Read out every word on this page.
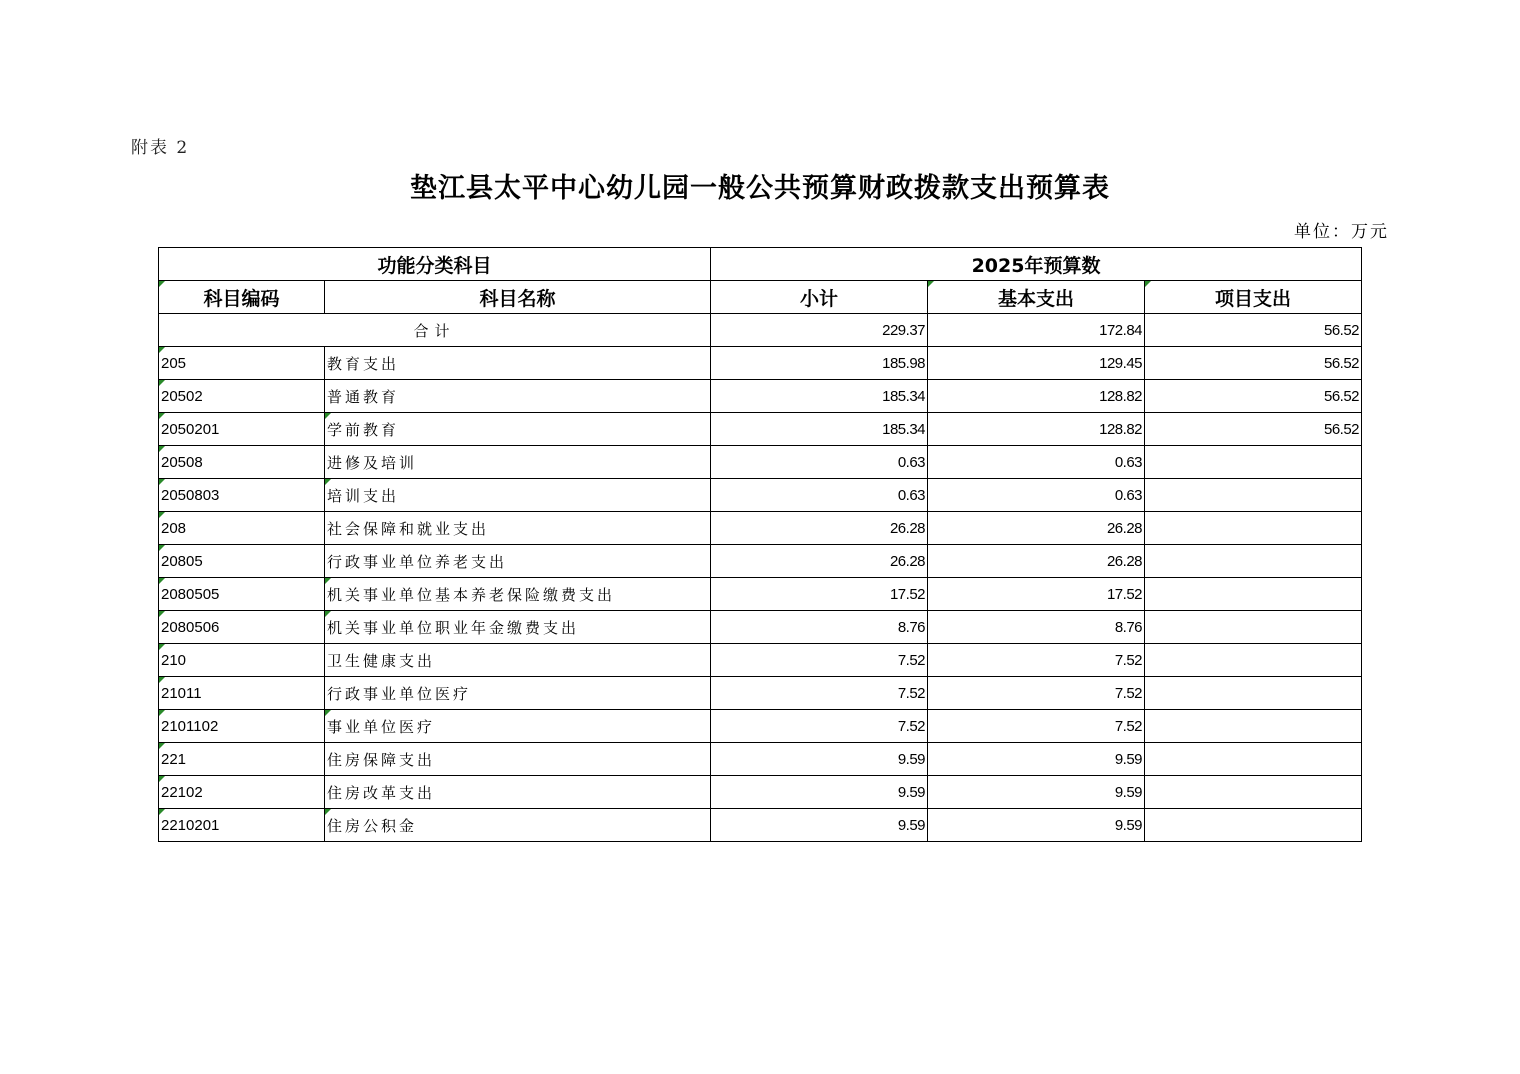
附表 2
垫江县太平中心幼儿园一般公共预算财政拨款支出预算表
单位：万元
功能分类科目		2025年预算数		
科目编码	科目名称	小计	基本支出	项目支出
合计		229.37	172.84	56.52
205	教育支出	185.98	129.45	56.52
20502	普通教育	185.34	128.82	56.52
2050201	学前教育	185.34	128.82	56.52
20508	进修及培训	0.63	0.63	
2050803	培训支出	0.63	0.63	
208	社会保障和就业支出	26.28	26.28	
20805	行政事业单位养老支出	26.28	26.28	
2080505	机关事业单位基本养老保险缴费支出	17.52	17.52	
2080506	机关事业单位职业年金缴费支出	8.76	8.76	
210	卫生健康支出	7.52	7.52	
21011	行政事业单位医疗	7.52	7.52	
2101102	事业单位医疗	7.52	7.52	
221	住房保障支出	9.59	9.59	
22102	住房改革支出	9.59	9.59	
2210201	住房公积金	9.59	9.59	
